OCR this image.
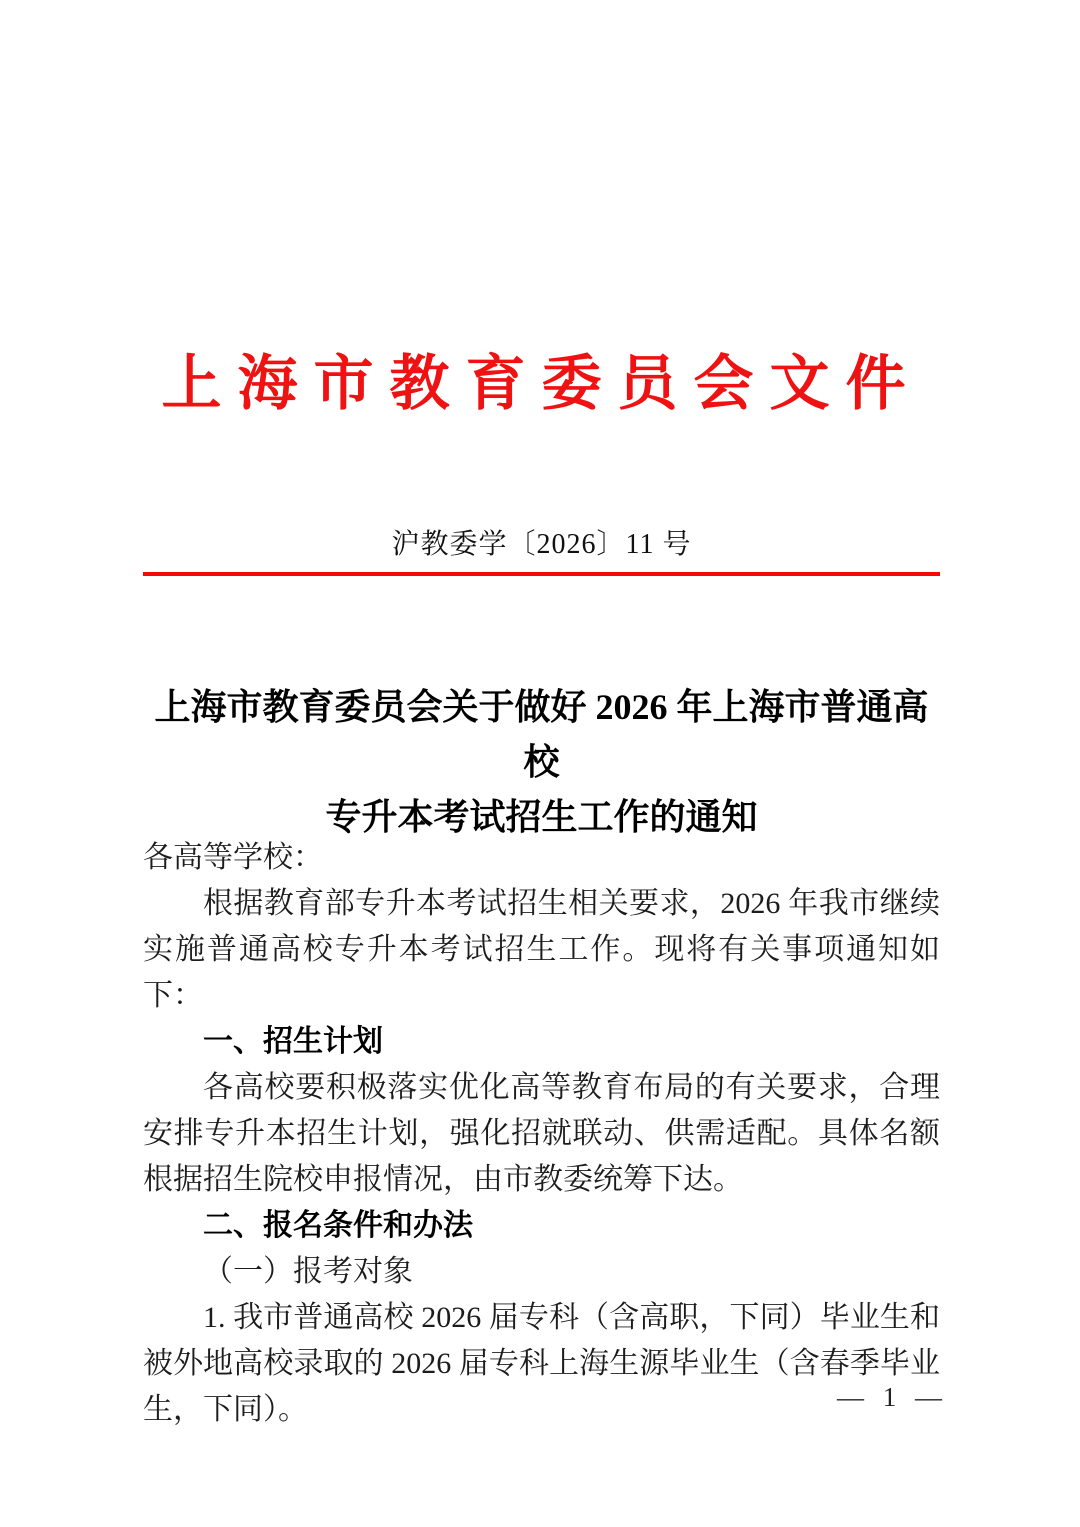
上海市教育委员会文件
沪教委学〔2026〕11 号
上海市教育委员会关于做好 2026 年上海市普通高校
专升本考试招生工作的通知

各高等学校：

根据教育部专升本考试招生相关要求，2026 年我市继续实施普通高校专升本考试招生工作。现将有关事项通知如下：

一、招生计划

各高校要积极落实优化高等教育布局的有关要求，合理安排专升本招生计划，强化招就联动、供需适配。具体名额根据招生院校申报情况，由市教委统筹下达。

二、报名条件和办法

（一）报考对象

1. 我市普通高校 2026 届专科（含高职，下同）毕业生和被外地高校录取的 2026 届专科上海生源毕业生（含春季毕业生，下同）。	— 1 —
